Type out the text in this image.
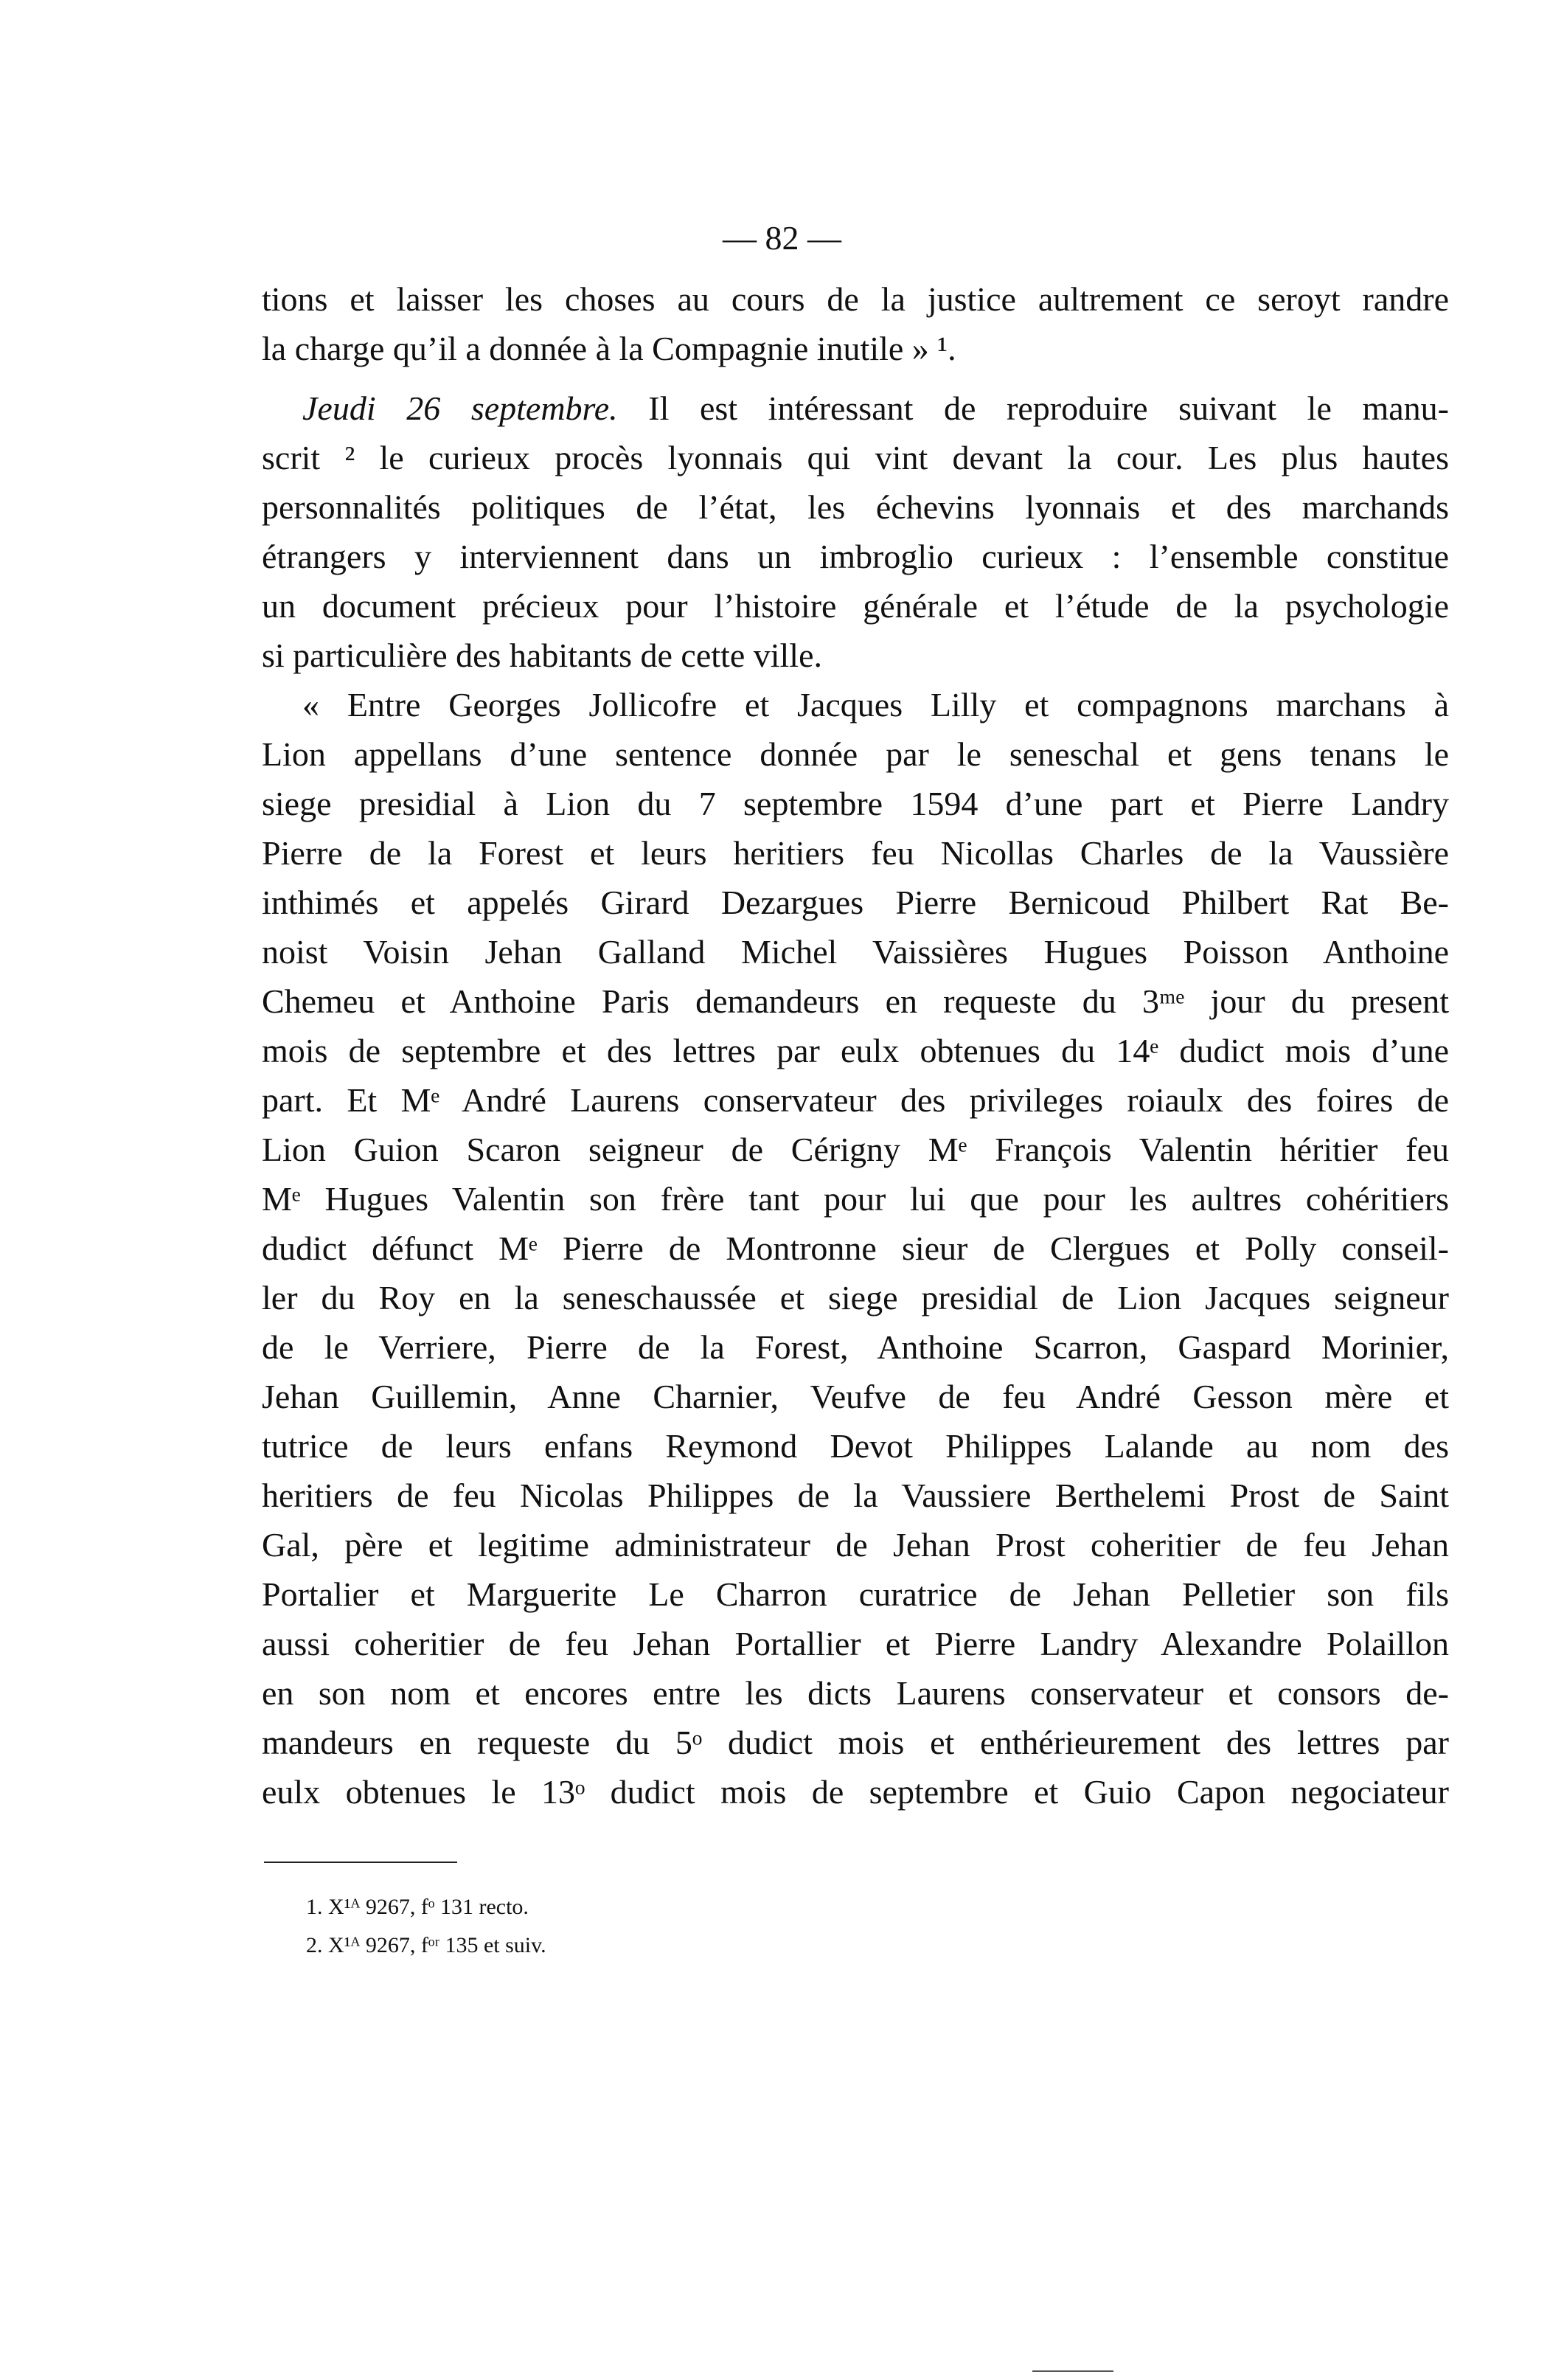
— 82 —
tions et laisser les choses au cours de la justice aultrement ce seroyt randre
la charge qu’il a donnée à la Compagnie inutile » ¹.
Jeudi 26 septembre. Il est intéressant de reproduire suivant le manu-
scrit ² le curieux procès lyonnais qui vint devant la cour. Les plus hautes
personnalités politiques de l’état, les échevins lyonnais et des marchands
étrangers y interviennent dans un imbroglio curieux : l’ensemble constitue
un document précieux pour l’histoire générale et l’étude de la psychologie
si particulière des habitants de cette ville.
« Entre Georges Jollicofre et Jacques Lilly et compagnons marchans à
Lion appellans d’une sentence donnée par le seneschal et gens tenans le
siege presidial à Lion du 7 septembre 1594 d’une part et Pierre Landry
Pierre de la Forest et leurs heritiers feu Nicollas Charles de la Vaussière
inthimés et appelés Girard Dezargues Pierre Bernicoud Philbert Rat Be-
noist Voisin Jehan Galland Michel Vaissières Hugues Poisson Anthoine
Chemeu et Anthoine Paris demandeurs en requeste du 3ᵐᵉ jour du present
mois de septembre et des lettres par eulx obtenues du 14ᵉ dudict mois d’une
part. Et Mᵉ André Laurens conservateur des privileges roiaulx des foires de
Lion Guion Scaron seigneur de Cérigny Mᵉ François Valentin héritier feu
Mᵉ Hugues Valentin son frère tant pour lui que pour les aultres cohéritiers
dudict défunct Mᵉ Pierre de Montronne sieur de Clergues et Polly conseil-
ler du Roy en la seneschaussée et siege presidial de Lion Jacques seigneur
de le Verriere, Pierre de la Forest, Anthoine Scarron, Gaspard Morinier,
Jehan Guillemin, Anne Charnier, Veufve de feu André Gesson mère et
tutrice de leurs enfans Reymond Devot Philippes Lalande au nom des
heritiers de feu Nicolas Philippes de la Vaussiere Berthelemi Prost de Saint
Gal, père et legitime administrateur de Jehan Prost coheritier de feu Jehan
Portalier et Marguerite Le Charron curatrice de Jehan Pelletier son fils
aussi coheritier de feu Jehan Portallier et Pierre Landry Alexandre Polaillon
en son nom et encores entre les dicts Laurens conservateur et consors de-
mandeurs en requeste du 5ᵒ dudict mois et enthérieurement des lettres par
eulx obtenues le 13ᵒ dudict mois de septembre et Guio Capon negociateur
1. X¹ᴬ 9267, fᵒ 131 recto.
2. X¹ᴬ 9267, fᵒʳ 135 et suiv.
